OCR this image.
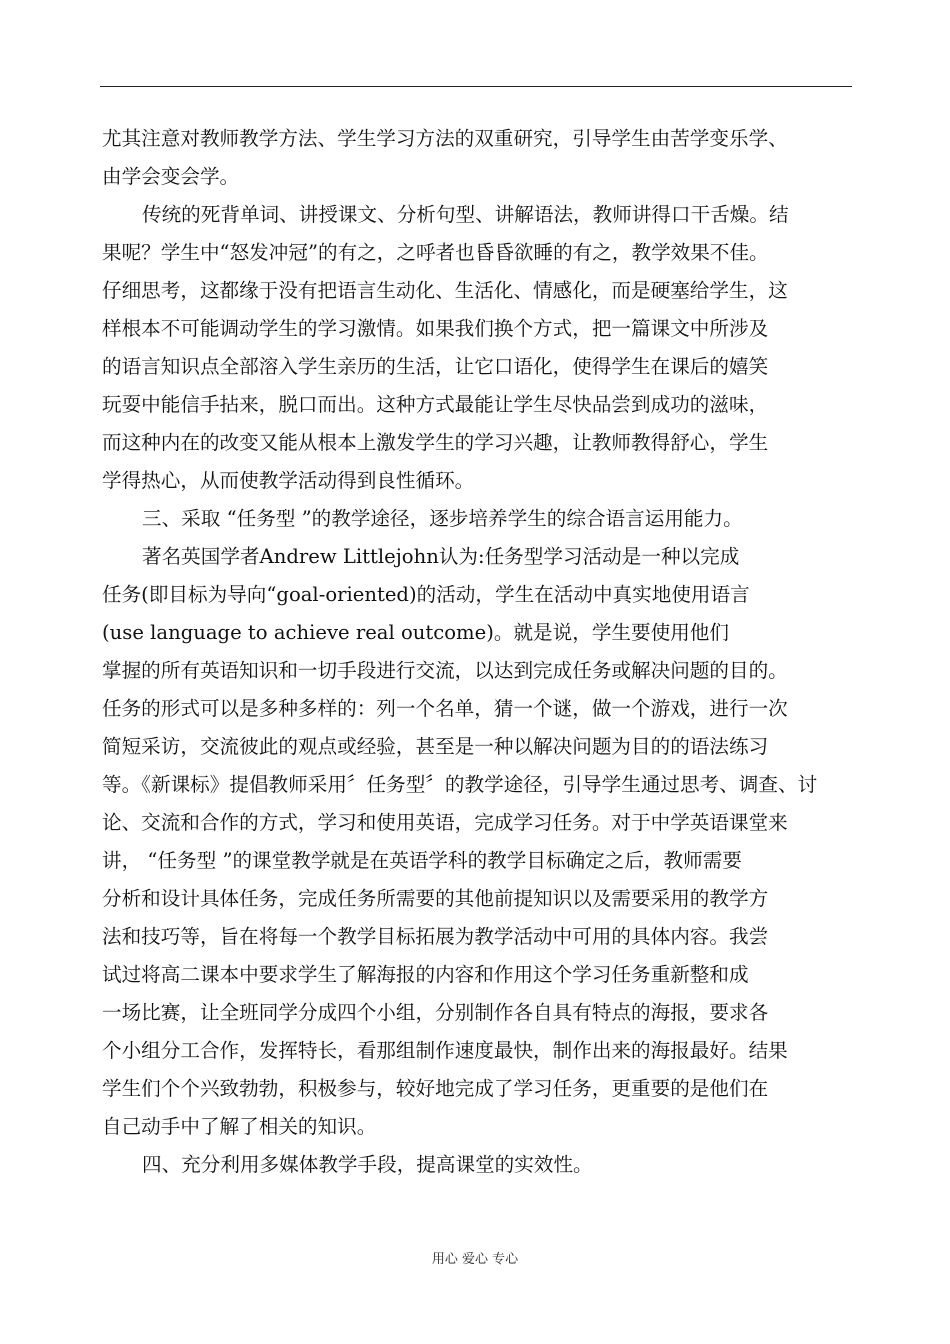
尤其注意对教师教学方法、学生学习方法的双重研究，引导学生由苦学变乐学、
由学会变会学。
传统的死背单词、讲授课文、分析句型、讲解语法，教师讲得口干舌燥。结
果呢？学生中“怒发冲冠”的有之，之呼者也昏昏欲睡的有之，教学效果不佳。
仔细思考，这都缘于没有把语言生动化、生活化、情感化，而是硬塞给学生，这
样根本不可能调动学生的学习激情。如果我们换个方式，把一篇课文中所涉及
的语言知识点全部溶入学生亲历的生活，让它口语化，使得学生在课后的嬉笑
玩耍中能信手拈来，脱口而出。这种方式最能让学生尽快品尝到成功的滋味，
而这种内在的改变又能从根本上激发学生的学习兴趣，让教师教得舒心，学生
学得热心，从而使教学活动得到良性循环。
三、采取 “任务型 ”的教学途径，逐步培养学生的综合语言运用能力。
著名英国学者Andrew Littlejohn认为:任务型学习活动是一种以完成
任务(即目标为导向“goal-oriented)的活动，学生在活动中真实地使用语言
(use language to achieve real outcome)。就是说，学生要使用他们
掌握的所有英语知识和一切手段进行交流，以达到完成任务或解决问题的目的。
任务的形式可以是多种多样的：列一个名单，猜一个谜，做一个游戏，进行一次
简短采访，交流彼此的观点或经验，甚至是一种以解决问题为目的的语法练习
等。《新课标》提倡教师采用〞任务型〞的教学途径，引导学生通过思考、调查、讨
论、交流和合作的方式，学习和使用英语，完成学习任务。对于中学英语课堂来
讲， “任务型 ”的课堂教学就是在英语学科的教学目标确定之后，教师需要
分析和设计具体任务，完成任务所需要的其他前提知识以及需要采用的教学方
法和技巧等，旨在将每一个教学目标拓展为教学活动中可用的具体内容。我尝
试过将高二课本中要求学生了解海报的内容和作用这个学习任务重新整和成
一场比赛，让全班同学分成四个小组，分别制作各自具有特点的海报，要求各
个小组分工合作，发挥特长，看那组制作速度最快，制作出来的海报最好。结果
学生们个个兴致勃勃，积极参与，较好地完成了学习任务，更重要的是他们在
自己动手中了解了相关的知识。
四、充分利用多媒体教学手段，提高课堂的实效性。
用心 爱心 专心
